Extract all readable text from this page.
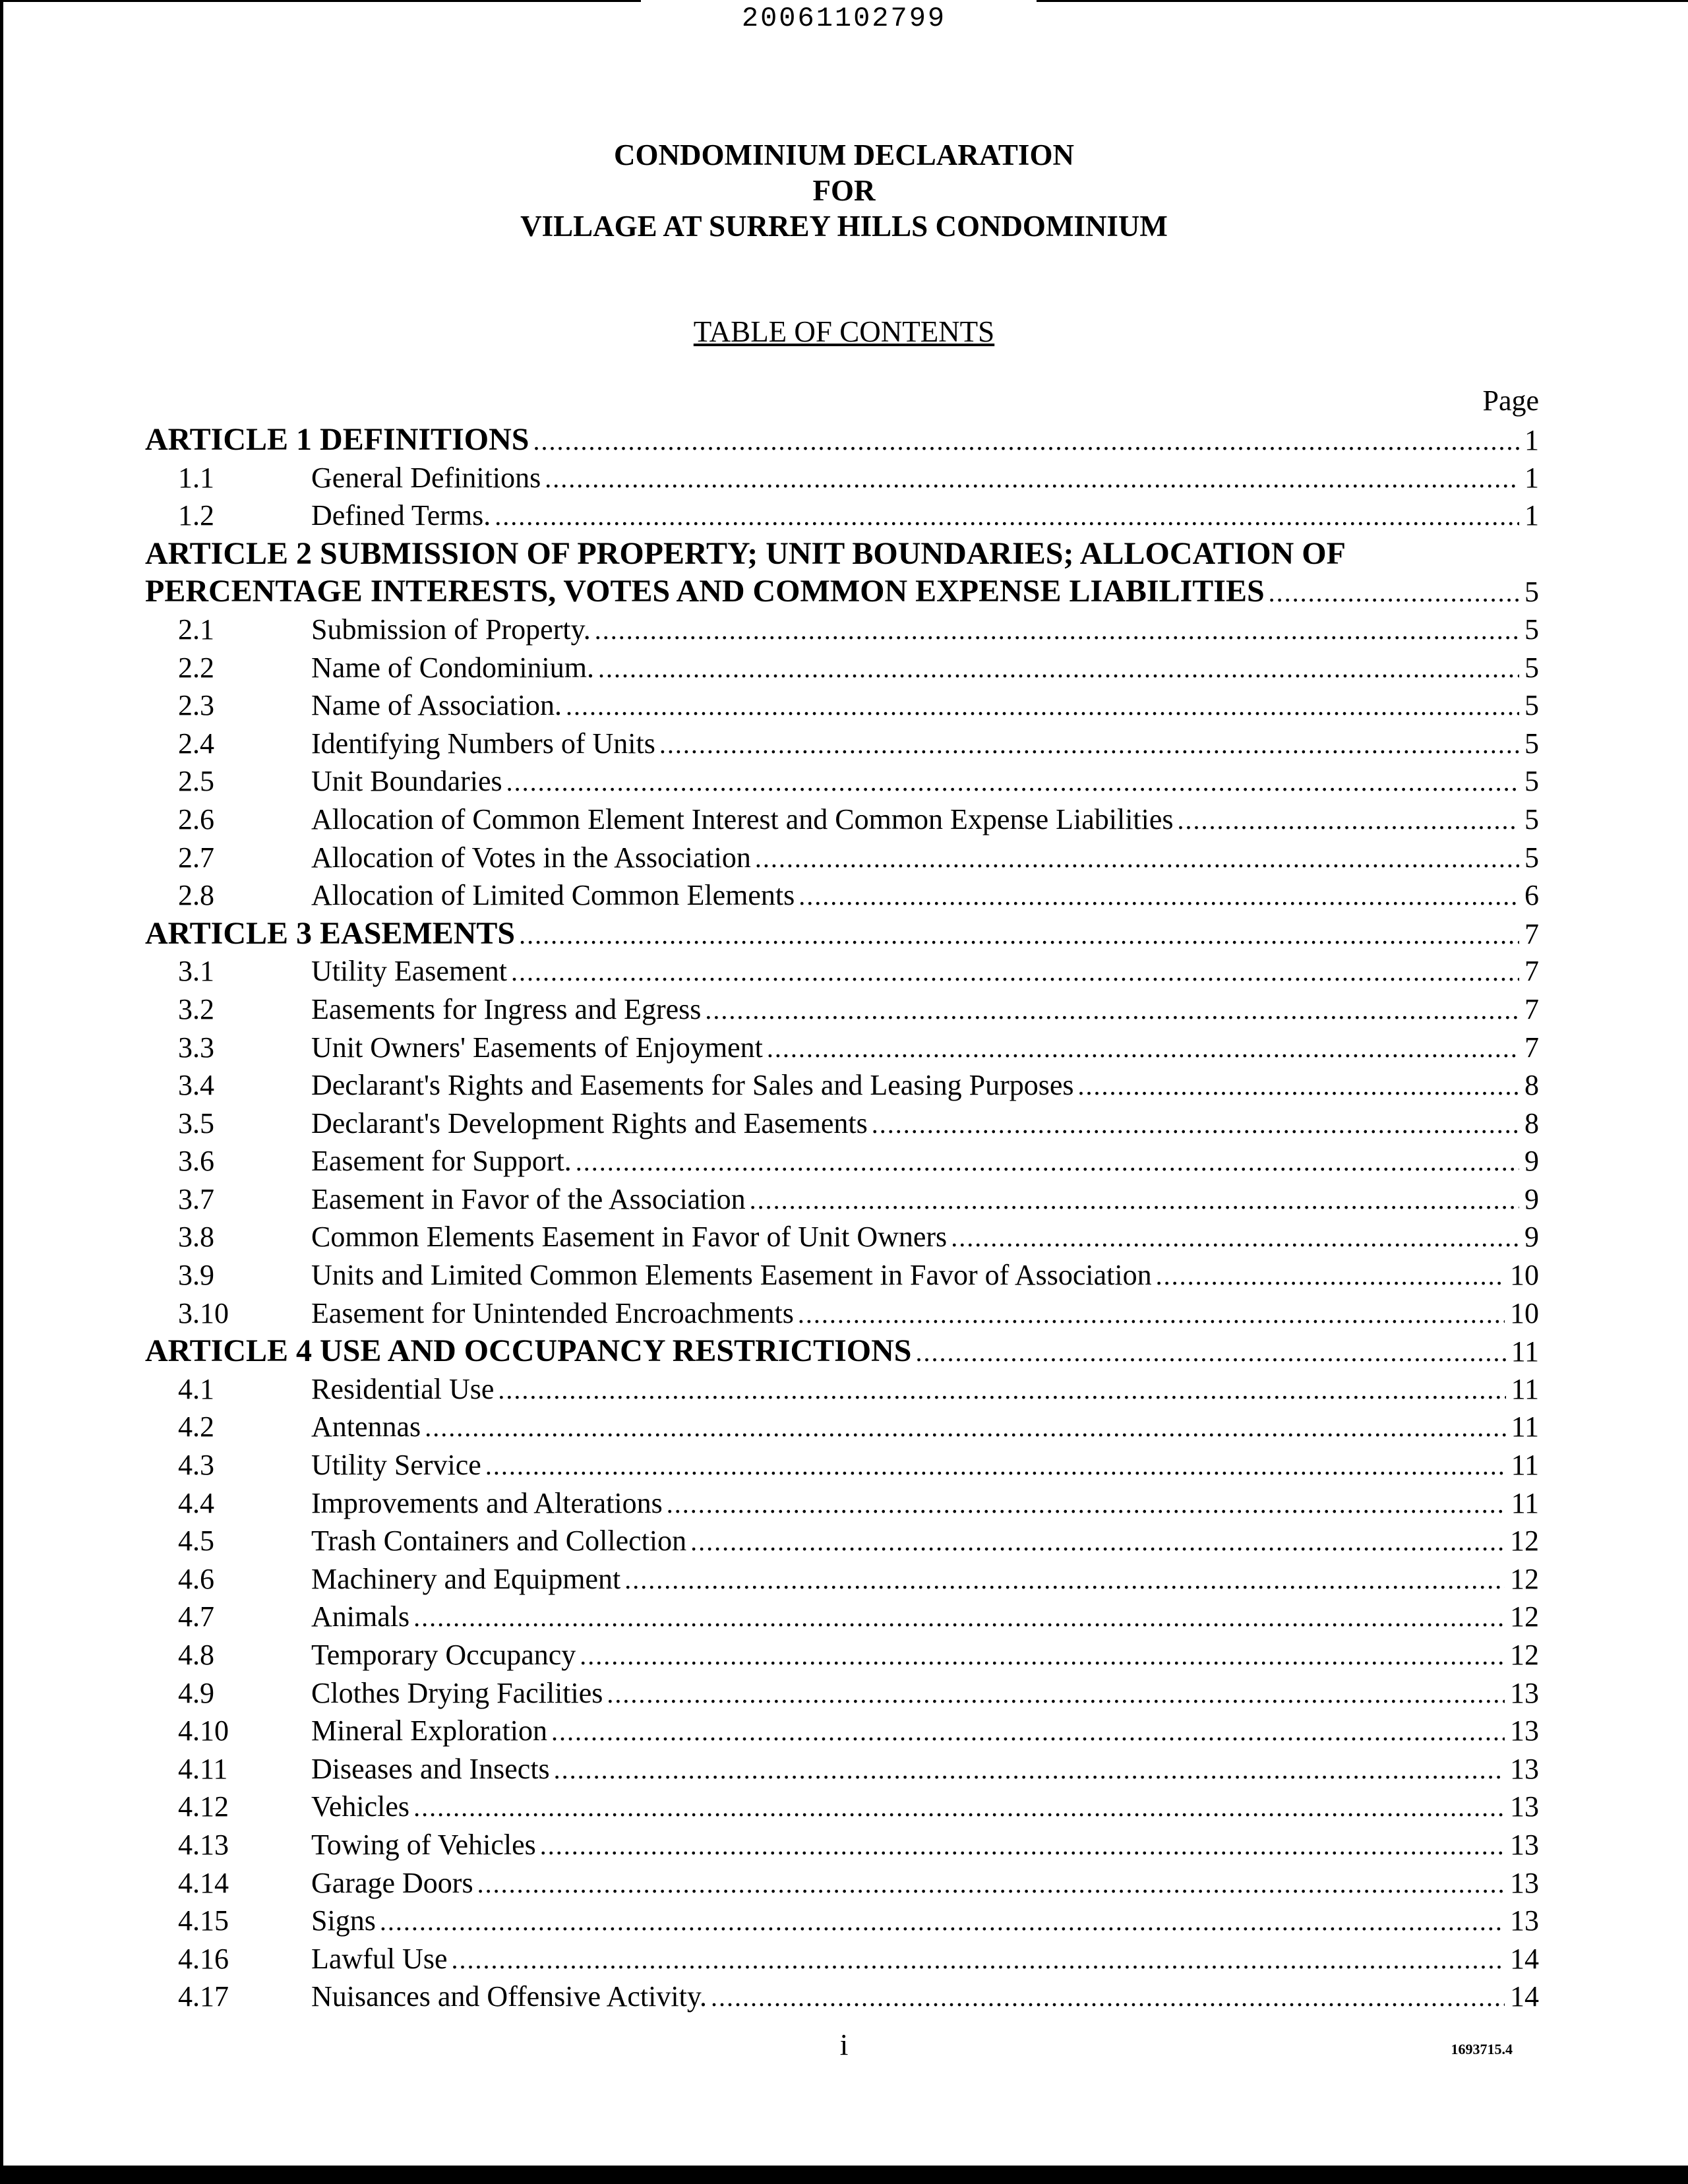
20061102799
CONDOMINIUM DECLARATION
FOR
VILLAGE AT SURREY HILLS CONDOMINIUM
TABLE OF CONTENTS
Page
ARTICLE 1 DEFINITIONS .....	1
1.1	General Definitions .....	1
1.2	Defined Terms. .....	1
ARTICLE 2 SUBMISSION OF PROPERTY; UNIT BOUNDARIES; ALLOCATION OF
PERCENTAGE INTERESTS, VOTES AND COMMON EXPENSE LIABILITIES .....	5
2.1	Submission of Property. .....	5
2.2	Name of Condominium. .....	5
2.3	Name of Association. .....	5
2.4	Identifying Numbers of Units .....	5
2.5	Unit Boundaries .....	5
2.6	Allocation of Common Element Interest and Common Expense Liabilities .....	5
2.7	Allocation of Votes in the Association .....	5
2.8	Allocation of Limited Common Elements .....	6
ARTICLE 3 EASEMENTS .....	7
3.1	Utility Easement .....	7
3.2	Easements for Ingress and Egress .....	7
3.3	Unit Owners' Easements of Enjoyment .....	7
3.4	Declarant's Rights and Easements for Sales and Leasing Purposes .....	8
3.5	Declarant's Development Rights and Easements .....	8
3.6	Easement for Support. .....	9
3.7	Easement in Favor of the Association .....	9
3.8	Common Elements Easement in Favor of Unit Owners .....	9
3.9	Units and Limited Common Elements Easement in Favor of Association .....	10
3.10	Easement for Unintended Encroachments .....	10
ARTICLE 4 USE AND OCCUPANCY RESTRICTIONS .....	11
4.1	Residential Use .....	11
4.2	Antennas .....	11
4.3	Utility Service .....	11
4.4	Improvements and Alterations .....	11
4.5	Trash Containers and Collection .....	12
4.6	Machinery and Equipment .....	12
4.7	Animals .....	12
4.8	Temporary Occupancy .....	12
4.9	Clothes Drying Facilities .....	13
4.10	Mineral Exploration .....	13
4.11	Diseases and Insects .....	13
4.12	Vehicles .....	13
4.13	Towing of Vehicles .....	13
4.14	Garage Doors .....	13
4.15	Signs .....	13
4.16	Lawful Use .....	14
4.17	Nuisances and Offensive Activity. .....	14
i	1693715.4
